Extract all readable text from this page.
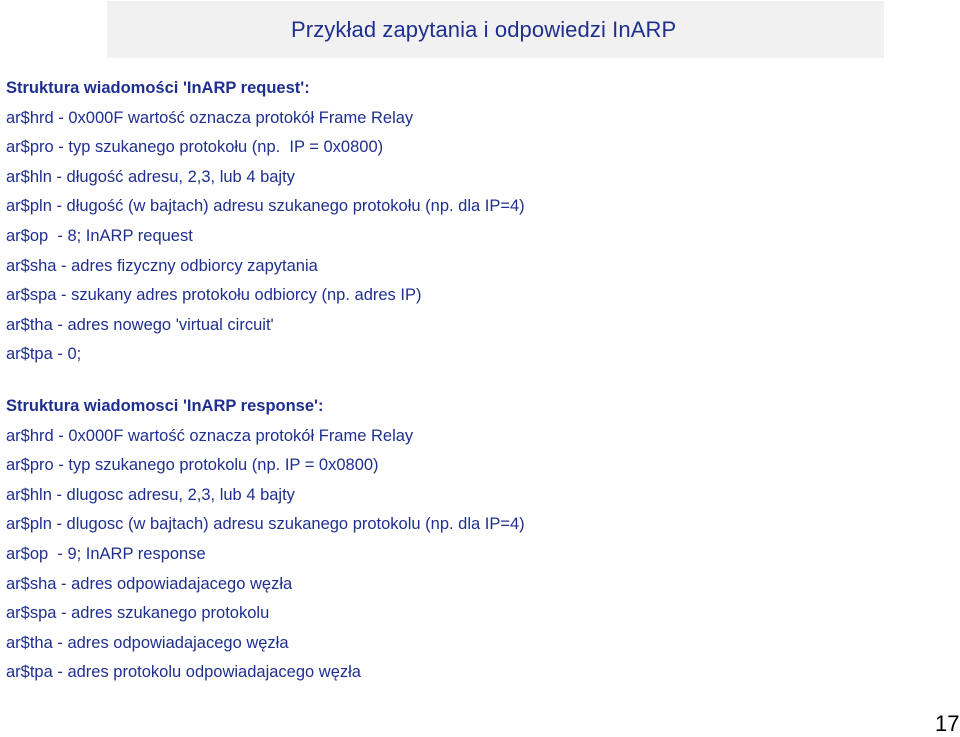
Przykład zapytania i odpowiedzi InARP
Struktura wiadomości 'InARP request':
ar$hrd - 0x000F wartość oznacza protokół Frame Relay
ar$pro - typ szukanego protokołu (np.  IP = 0x0800)
ar$hln - długość adresu, 2,3, lub 4 bajty
ar$pln - długość (w bajtach) adresu szukanego protokołu (np. dla IP=4)
ar$op  - 8; InARP request
ar$sha - adres fizyczny odbiorcy zapytania
ar$spa - szukany adres protokołu odbiorcy (np. adres IP)
ar$tha - adres nowego 'virtual circuit'
ar$tpa - 0;
Struktura wiadomosci 'InARP response':
ar$hrd - 0x000F wartość oznacza protokół Frame Relay
ar$pro - typ szukanego protokolu (np. IP = 0x0800)
ar$hln - dlugosc adresu, 2,3, lub 4 bajty
ar$pln - dlugosc (w bajtach) adresu szukanego protokolu (np. dla IP=4)
ar$op  - 9; InARP response
ar$sha - adres odpowiadajacego węzła
ar$spa - adres szukanego protokolu
ar$tha - adres odpowiadajacego węzła
ar$tpa - adres protokolu odpowiadajacego węzła
17
